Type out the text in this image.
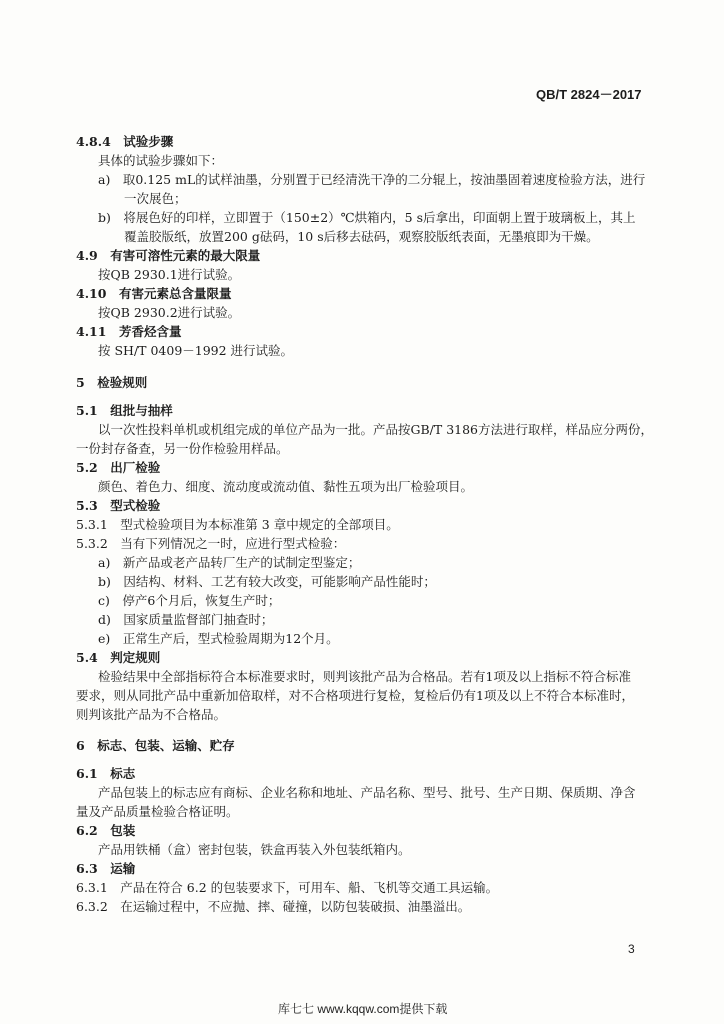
QB/T 2824－2017
4.8.4　试验步骤
具体的试验步骤如下：
a)　取0.125 mL的试样油墨，分别置于已经清洗干净的二分辊上，按油墨固着速度检验方法，进行
一次展色；
b)　将展色好的印样，立即置于（150±2）℃烘箱内，5 s后拿出，印面朝上置于玻璃板上，其上
覆盖胶版纸，放置200 g砝码，10 s后移去砝码，观察胶版纸表面，无墨痕即为干燥。
4.9　有害可溶性元素的最大限量
按QB 2930.1进行试验。
4.10　有害元素总含量限量
按QB 2930.2进行试验。
4.11　芳香烃含量
按 SH/T 0409－1992 进行试验。
5　检验规则
5.1　组批与抽样
以一次性投料单机或机组完成的单位产品为一批。产品按GB/T 3186方法进行取样，样品应分两份，
一份封存备查，另一份作检验用样品。
5.2　出厂检验
颜色、着色力、细度、流动度或流动值、黏性五项为出厂检验项目。
5.3　型式检验
5.3.1　型式检验项目为本标准第 3 章中规定的全部项目。
5.3.2　当有下列情况之一时，应进行型式检验：
a)　新产品或老产品转厂生产的试制定型鉴定；
b)　因结构、材料、工艺有较大改变，可能影响产品性能时；
c)　停产6个月后，恢复生产时；
d)　国家质量监督部门抽查时；
e)　正常生产后，型式检验周期为12个月。
5.4　判定规则
检验结果中全部指标符合本标准要求时，则判该批产品为合格品。若有1项及以上指标不符合标准
要求，则从同批产品中重新加倍取样，对不合格项进行复检，复检后仍有1项及以上不符合本标准时，
则判该批产品为不合格品。
6　标志、包装、运输、贮存
6.1　标志
产品包装上的标志应有商标、企业名称和地址、产品名称、型号、批号、生产日期、保质期、净含
量及产品质量检验合格证明。
6.2　包装
产品用铁桶（盒）密封包装，铁盒再装入外包装纸箱内。
6.3　运输
6.3.1　产品在符合 6.2 的包装要求下，可用车、船、飞机等交通工具运输。
6.3.2　在运输过程中，不应抛、摔、碰撞，以防包装破损、油墨溢出。
3
库七七 www.kqqw.com提供下载
